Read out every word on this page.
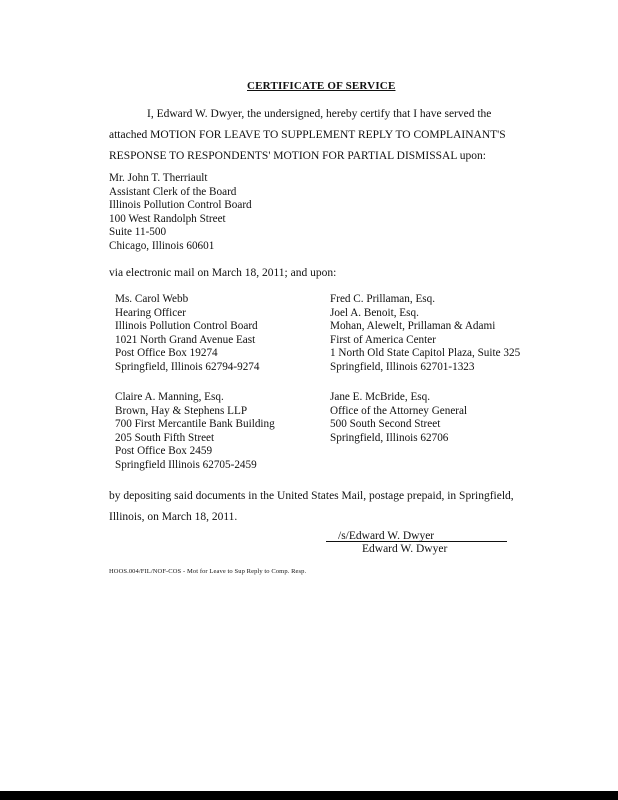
CERTIFICATE OF SERVICE
I, Edward W. Dwyer, the undersigned, hereby certify that I have served the
attached MOTION FOR LEAVE TO SUPPLEMENT REPLY TO COMPLAINANT'S
RESPONSE TO RESPONDENTS' MOTION FOR PARTIAL DISMISSAL upon:
Mr. John T. Therriault
Assistant Clerk of the Board
Illinois Pollution Control Board
100 West Randolph Street
Suite 11-500
Chicago, Illinois 60601
via electronic mail on March 18, 2011; and upon:
Ms. Carol Webb
Hearing Officer
Illinois Pollution Control Board
1021 North Grand Avenue East
Post Office Box 19274
Springfield, Illinois 62794-9274
Fred C. Prillaman, Esq.
Joel A. Benoit, Esq.
Mohan, Alewelt, Prillaman & Adami
First of America Center
1 North Old State Capitol Plaza, Suite 325
Springfield, Illinois 62701-1323
Claire A. Manning, Esq.
Brown, Hay & Stephens LLP
700 First Mercantile Bank Building
205 South Fifth Street
Post Office Box 2459
Springfield Illinois 62705-2459
Jane E. McBride, Esq.
Office of the Attorney General
500 South Second Street
Springfield, Illinois 62706
by depositing said documents in the United States Mail, postage prepaid, in Springfield,
Illinois, on March 18, 2011.
/s/Edward W. Dwyer
Edward W. Dwyer
HOOS.004/FIL/NOF-COS - Mot for Leave to Sup Reply to Comp. Resp.
